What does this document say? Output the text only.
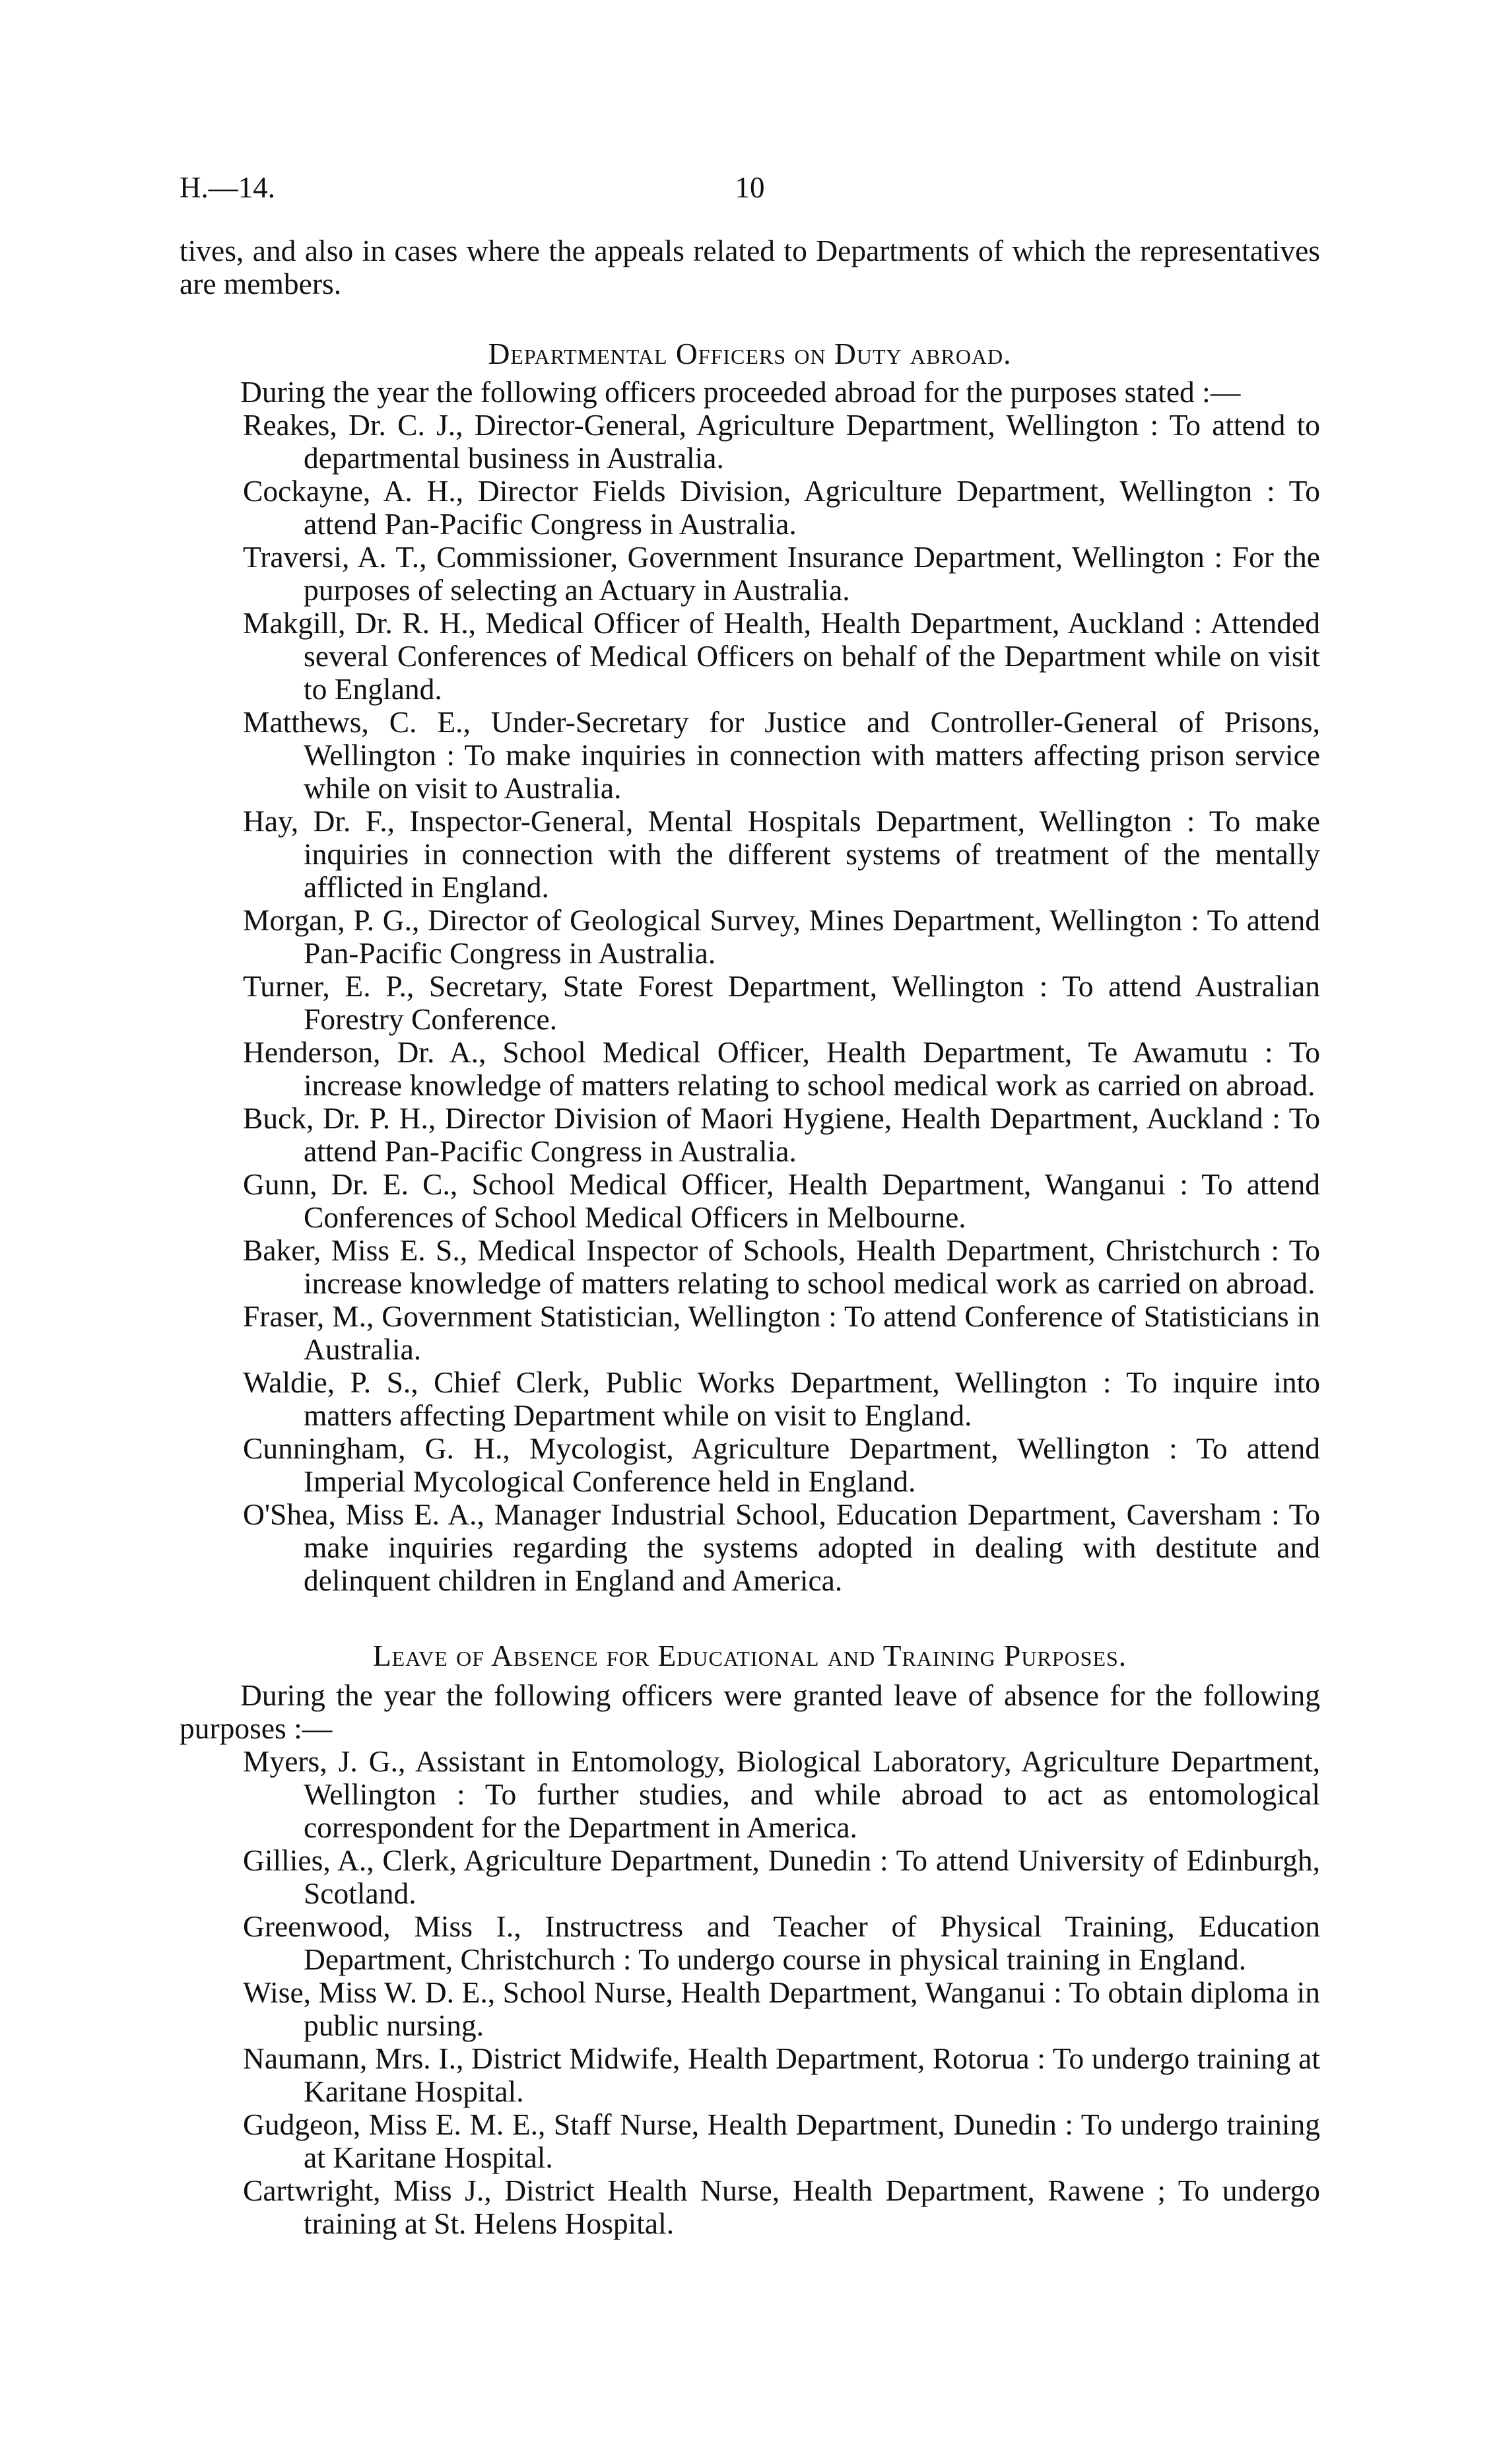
H.—14.	10

tives, and also in cases where the appeals related to Departments of which the representatives are members.

Departmental Officers on Duty abroad.

During the year the following officers proceeded abroad for the purposes stated :—

Reakes, Dr. C. J., Director-General, Agriculture Department, Wellington : To attend to departmental business in Australia.

Cockayne, A. H., Director Fields Division, Agriculture Department, Wellington : To attend Pan-Pacific Congress in Australia.

Traversi, A. T., Commissioner, Government Insurance Department, Wellington : For the purposes of selecting an Actuary in Australia.

Makgill, Dr. R. H., Medical Officer of Health, Health Department, Auckland : Attended several Conferences of Medical Officers on behalf of the Department while on visit to England.

Matthews, C. E., Under-Secretary for Justice and Controller-General of Prisons, Wellington : To make inquiries in connection with matters affecting prison service while on visit to Australia.

Hay, Dr. F., Inspector-General, Mental Hospitals Department, Wellington : To make inquiries in connection with the different systems of treatment of the mentally afflicted in England.

Morgan, P. G., Director of Geological Survey, Mines Department, Wellington : To attend Pan-Pacific Congress in Australia.

Turner, E. P., Secretary, State Forest Department, Wellington : To attend Australian Forestry Conference.

Henderson, Dr. A., School Medical Officer, Health Department, Te Awamutu : To increase knowledge of matters relating to school medical work as carried on abroad.

Buck, Dr. P. H., Director Division of Maori Hygiene, Health Department, Auckland : To attend Pan-Pacific Congress in Australia.

Gunn, Dr. E. C., School Medical Officer, Health Department, Wanganui : To attend Conferences of School Medical Officers in Melbourne.

Baker, Miss E. S., Medical Inspector of Schools, Health Department, Christchurch : To increase knowledge of matters relating to school medical work as carried on abroad.

Fraser, M., Government Statistician, Wellington : To attend Conference of Statisticians in Australia.

Waldie, P. S., Chief Clerk, Public Works Department, Wellington : To inquire into matters affecting Department while on visit to England.

Cunningham, G. H., Mycologist, Agriculture Department, Wellington : To attend Imperial Mycological Conference held in England.

O'Shea, Miss E. A., Manager Industrial School, Education Department, Caversham : To make inquiries regarding the systems adopted in dealing with destitute and delinquent children in England and America.

Leave of Absence for Educational and Training Purposes.

During the year the following officers were granted leave of absence for the following purposes :—

Myers, J. G., Assistant in Entomology, Biological Laboratory, Agriculture Department, Wellington : To further studies, and while abroad to act as entomological correspondent for the Department in America.

Gillies, A., Clerk, Agriculture Department, Dunedin : To attend University of Edinburgh, Scotland.

Greenwood, Miss I., Instructress and Teacher of Physical Training, Education Department, Christchurch : To undergo course in physical training in England.

Wise, Miss W. D. E., School Nurse, Health Department, Wanganui : To obtain diploma in public nursing.

Naumann, Mrs. I., District Midwife, Health Department, Rotorua : To undergo training at Karitane Hospital.

Gudgeon, Miss E. M. E., Staff Nurse, Health Department, Dunedin : To undergo training at Karitane Hospital.

Cartwright, Miss J., District Health Nurse, Health Department, Rawene ; To undergo training at St. Helens Hospital.
